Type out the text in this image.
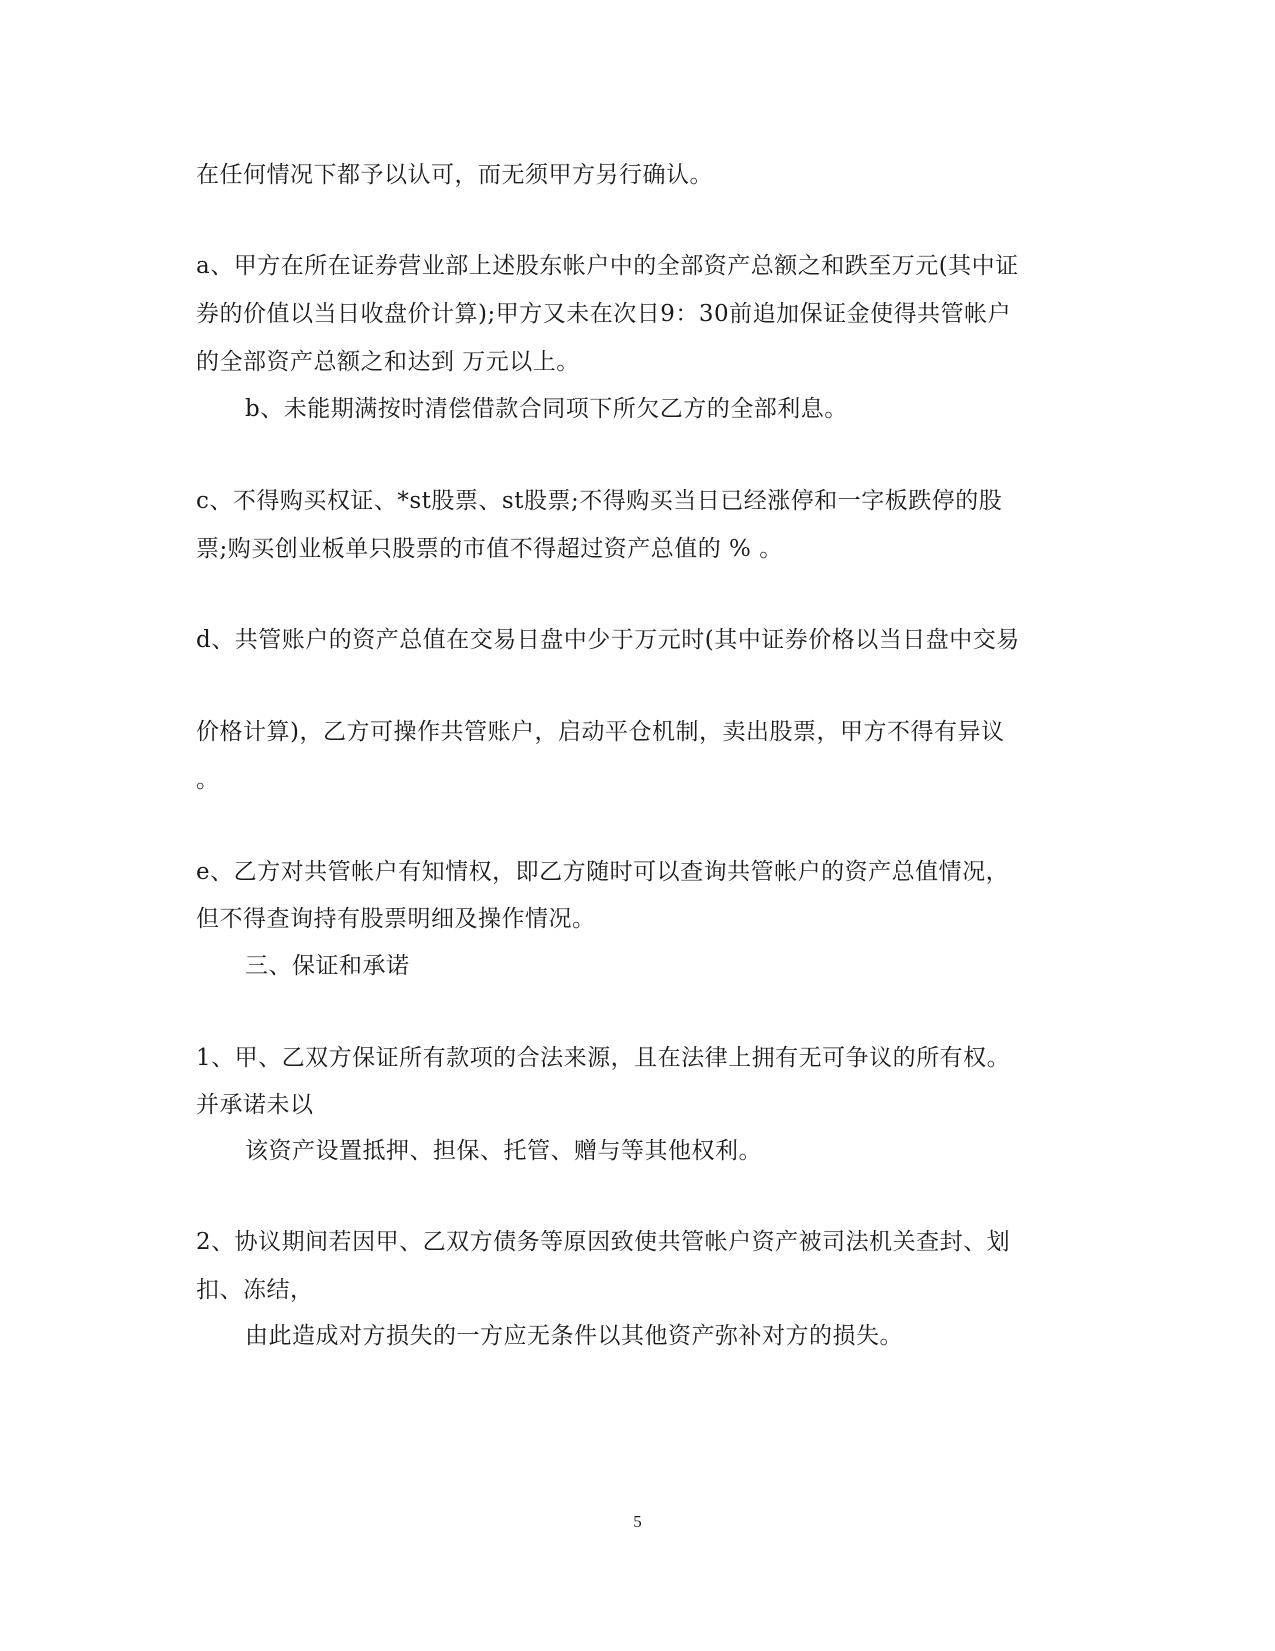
在任何情况下都予以认可，而无须甲方另行确认。
a、甲方在所在证券营业部上述股东帐户中的全部资产总额之和跌至万元(其中证
券的价值以当日收盘价计算);甲方又未在次日9：30前追加保证金使得共管帐户
的全部资产总额之和达到 万元以上。
b、未能期满按时清偿借款合同项下所欠乙方的全部利息。
c、不得购买权证、*st股票、st股票;不得购买当日已经涨停和一字板跌停的股
票;购买创业板单只股票的市值不得超过资产总值的 % 。
d、共管账户的资产总值在交易日盘中少于万元时(其中证券价格以当日盘中交易
价格计算)，乙方可操作共管账户，启动平仓机制，卖出股票，甲方不得有异议
。
e、乙方对共管帐户有知情权，即乙方随时可以查询共管帐户的资产总值情况，
但不得查询持有股票明细及操作情况。
三、保证和承诺
1、甲、乙双方保证所有款项的合法来源，且在法律上拥有无可争议的所有权。
并承诺未以
该资产设置抵押、担保、托管、赠与等其他权利。
2、协议期间若因甲、乙双方债务等原因致使共管帐户资产被司法机关查封、划
扣、冻结，
由此造成对方损失的一方应无条件以其他资产弥补对方的损失。
5
